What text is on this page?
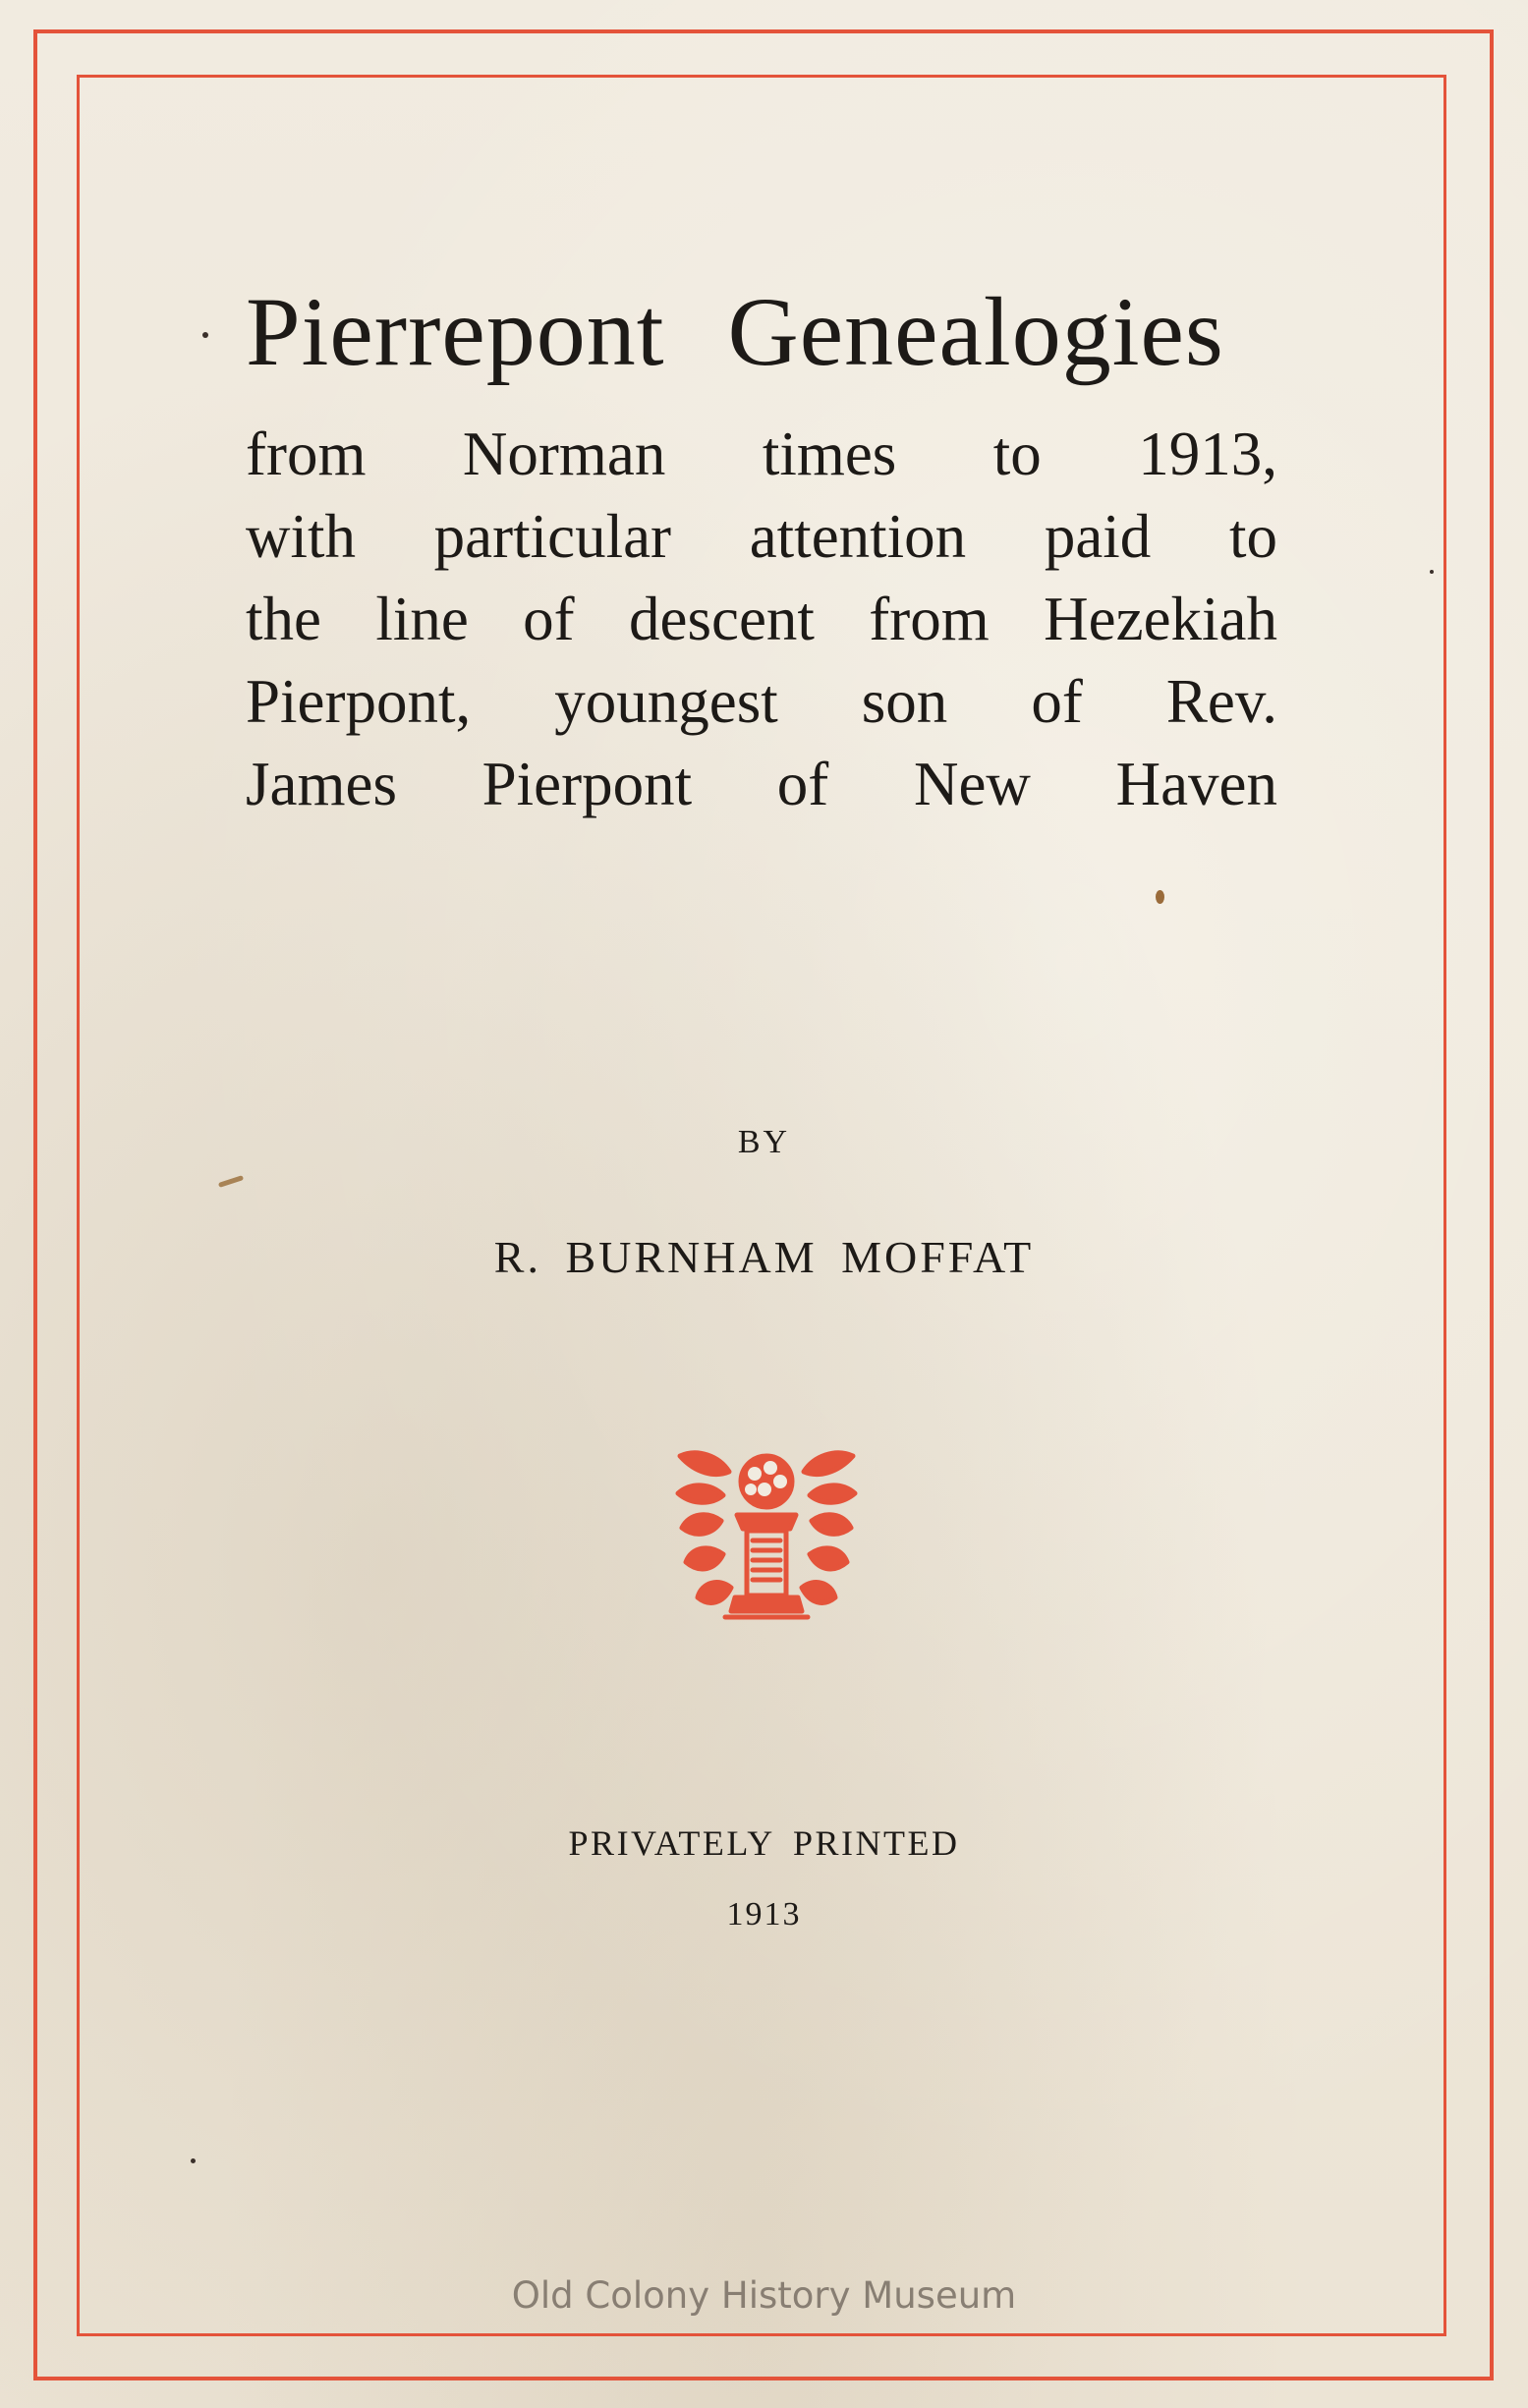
Pierrepont Genealogies
from Norman times to 1913,
with particular attention paid to
the line of descent from Hezekiah
Pierpont, youngest son of Rev.
James Pierpont of New Haven
BY
R. BURNHAM MOFFAT
PRIVATELY PRINTED
1913
Old Colony History Museum
